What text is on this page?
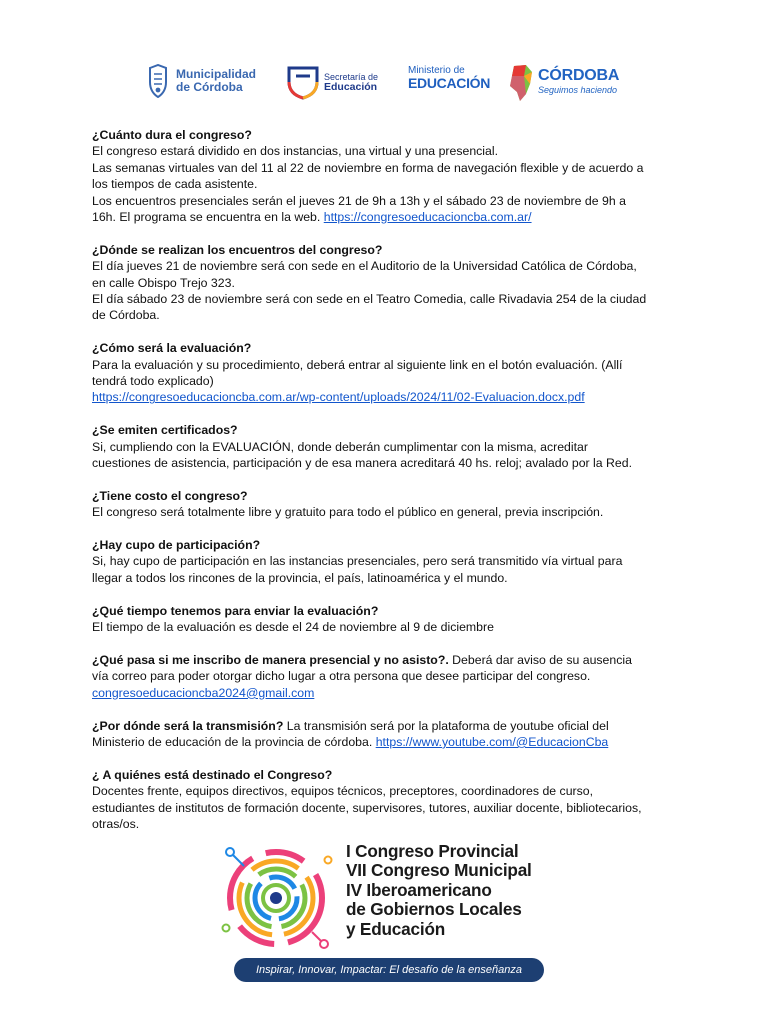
Municipalidad
de Córdoba
Secretaría de
Educación
Ministerio de
EDUCACIÓN	CÓRDOBA
Seguimos haciendo

¿Cuánto dura el congreso?

El congreso estará dividido en dos instancias, una virtual y una presencial.

Las semanas virtuales van del 11 al 22 de noviembre en forma de navegación flexible y de acuerdo a

los tiempos de cada asistente.

Los encuentros presenciales serán el jueves 21 de 9h a 13h y el sábado 23 de noviembre de 9h a

16h. El programa se encuentra en la web. https://congresoeducacioncba.com.ar/

¿Dónde se realizan los encuentros del congreso?

El día jueves 21 de noviembre será con sede en el Auditorio de la Universidad Católica de Córdoba,

en calle Obispo Trejo 323.

El día sábado 23 de noviembre será con sede en el Teatro Comedia, calle Rivadavia 254 de la ciudad

de Córdoba.

¿Cómo será la evaluación?

Para la evaluación y su procedimiento, deberá entrar al siguiente link en el botón evaluación. (Allí

tendrá todo explicado)

https://congresoeducacioncba.com.ar/wp-content/uploads/2024/11/02-Evaluacion.docx.pdf

¿Se emiten certificados?

Si, cumpliendo con la EVALUACIÓN, donde deberán cumplimentar con la misma, acreditar

cuestiones de asistencia, participación y de esa manera acreditará 40 hs. reloj; avalado por la Red.

¿Tiene costo el congreso?

El congreso será totalmente libre y gratuito para todo el público en general, previa inscripción.

¿Hay cupo de participación?

Si, hay cupo de participación en las instancias presenciales, pero será transmitido vía virtual para

llegar a todos los rincones de la provincia, el país, latinoamérica y el mundo.

¿Qué tiempo tenemos para enviar la evaluación?

El tiempo de la evaluación es desde el 24 de noviembre al 9 de diciembre

¿Qué pasa si me inscribo de manera presencial y no asisto?. Deberá dar aviso de su ausencia

vía correo para poder otorgar dicho lugar a otra persona que desee participar del congreso.

congresoeducacioncba2024@gmail.com

¿Por dónde será la transmisión? La transmisión será por la plataforma de youtube oficial del

Ministerio de educación de la provincia de córdoba. https://www.youtube.com/@EducacionCba

¿ A quiénes está destinado el Congreso?

Docentes frente, equipos directivos, equipos técnicos, preceptores, coordinadores de curso,

estudiantes de institutos de formación docente, supervisores, tutores, auxiliar docente, bibliotecarios,

otras/os.

I Congreso Provincial
VII Congreso Municipal
IV Iberoamericano
de Gobiernos Locales
y Educación
Inspirar, Innovar, Impactar: El desafío de la enseñanza
